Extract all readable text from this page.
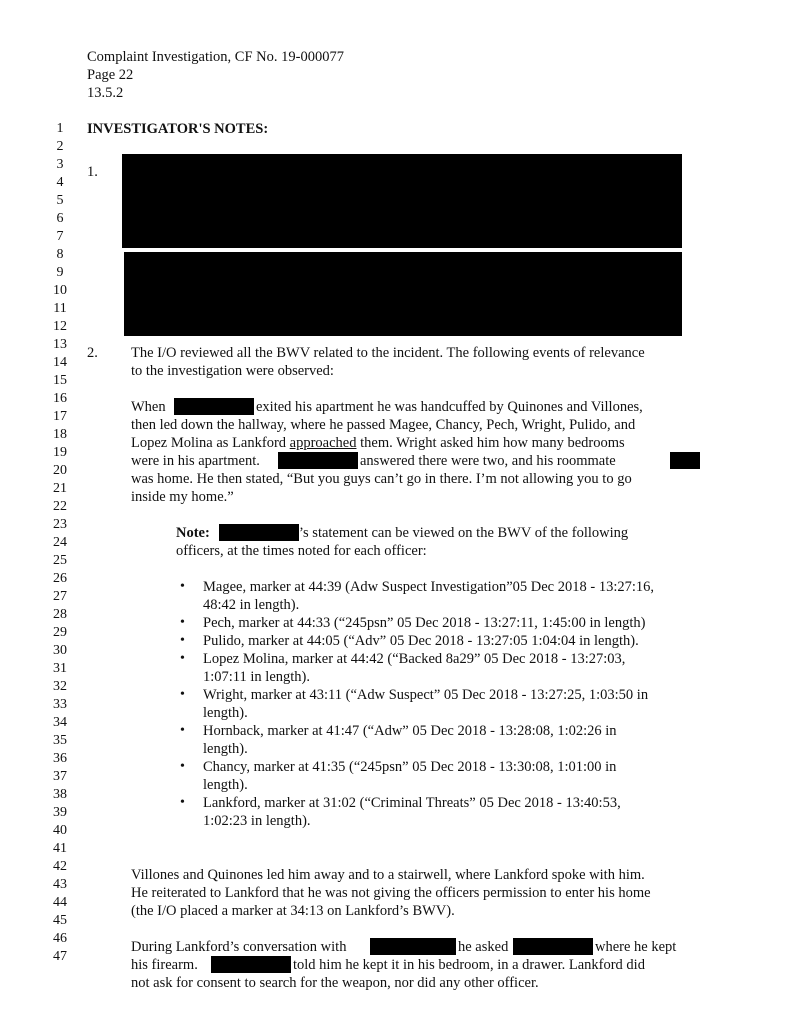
Complaint Investigation, CF No. 19-000077
Page 22
13.5.2
1
2
3
4
5
6
7
8
9
10
11
12
13
14
15
16
17
18
19
20
21
22
23
24
25
26
27
28
29
30
31
32
33
34
35
36
37
38
39
40
41
42
43
44
45
46
47
INVESTIGATOR'S NOTES:
1.
2. The I/O reviewed all the BWV related to the incident. The following events of relevance
to the investigation were observed:
When	exited his apartment he was handcuffed by Quinones and Villones,
then led down the hallway, where he passed Magee, Chancy, Pech, Wright, Pulido, and
Lopez Molina as Lankford approached them. Wright asked him how many bedrooms
were in his apartment.	answered there were two, and his roommate
was home. He then stated, “But you guys can’t go in there. I’m not allowing you to go
inside my home.”
Note:	’s statement can be viewed on the BWV of the following
officers, at the times noted for each officer:
• Magee, marker at 44:39 (Adw Suspect Investigation”05 Dec 2018 - 13:27:16,
48:42 in length).
• Pech, marker at 44:33 (“245psn” 05 Dec 2018 - 13:27:11, 1:45:00 in length)
• Pulido, marker at 44:05 (“Adv” 05 Dec 2018 - 13:27:05 1:04:04 in length).
• Lopez Molina, marker at 44:42 (“Backed 8a29” 05 Dec 2018 - 13:27:03,
1:07:11 in length).
• Wright, marker at 43:11 (“Adw Suspect” 05 Dec 2018 - 13:27:25, 1:03:50 in
length).
• Hornback, marker at 41:47 (“Adw” 05 Dec 2018 - 13:28:08, 1:02:26 in
length).
• Chancy, marker at 41:35 (“245psn” 05 Dec 2018 - 13:30:08, 1:01:00 in
length).
• Lankford, marker at 31:02 (“Criminal Threats” 05 Dec 2018 - 13:40:53,
1:02:23 in length).
Villones and Quinones led him away and to a stairwell, where Lankford spoke with him.
He reiterated to Lankford that he was not giving the officers permission to enter his home
(the I/O placed a marker at 34:13 on Lankford’s BWV).
During Lankford’s conversation with	he asked	where he kept
his firearm.	told him he kept it in his bedroom, in a drawer. Lankford did
not ask for consent to search for the weapon, nor did any other officer.
